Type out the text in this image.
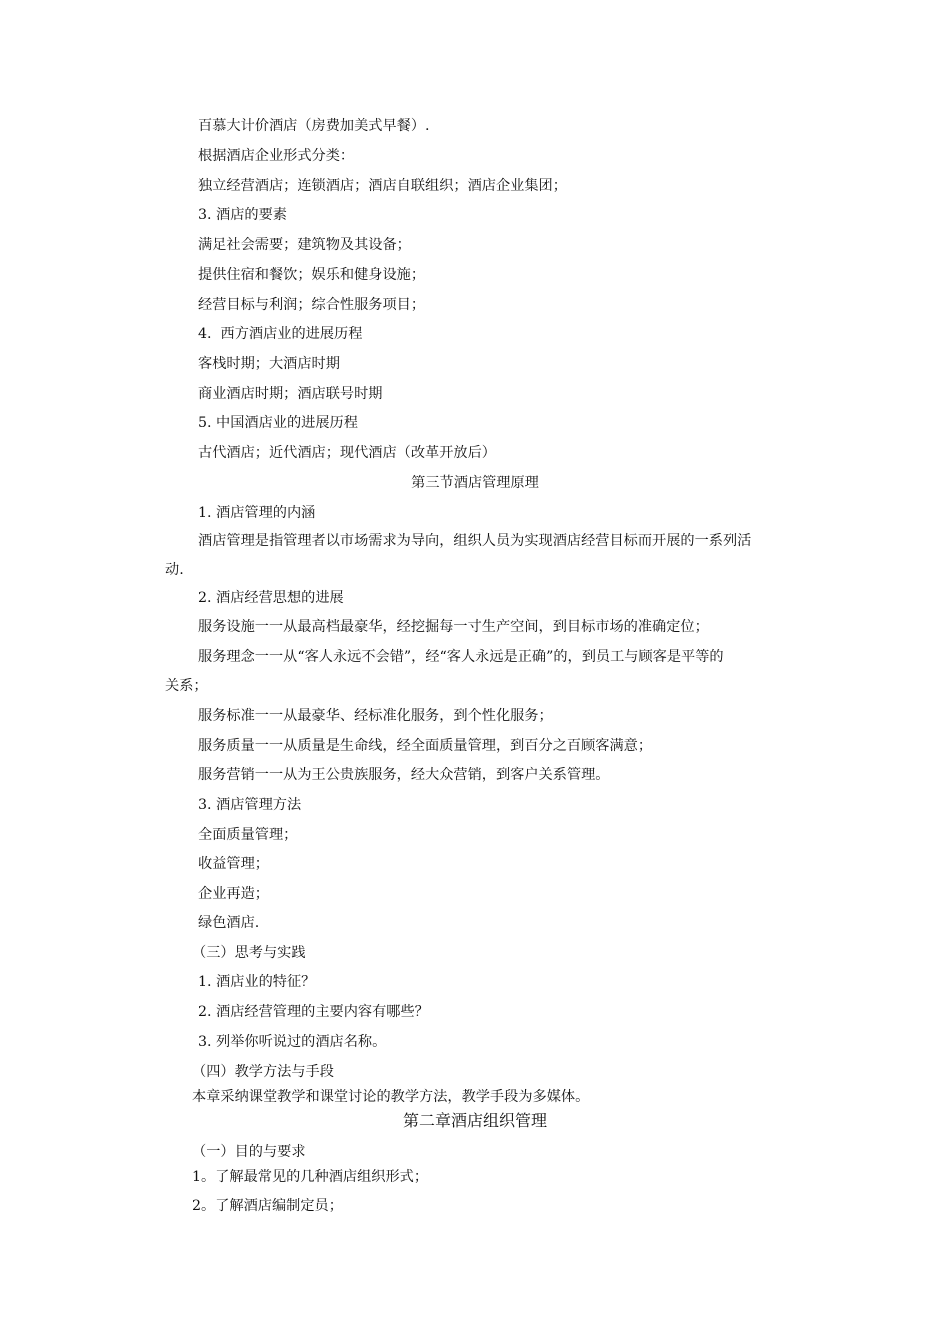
百慕大计价酒店（房费加美式早餐）.
根据酒店企业形式分类：
独立经营酒店；连锁酒店；酒店自联组织；酒店企业集团；
3. 酒店的要素
满足社会需要；建筑物及其设备；
提供住宿和餐饮；娱乐和健身设施；
经营目标与利润；综合性服务项目；
4.  西方酒店业的进展历程
客栈时期；大酒店时期
商业酒店时期；酒店联号时期
5. 中国酒店业的进展历程
古代酒店；近代酒店；现代酒店（改革开放后）
第三节酒店管理原理
1. 酒店管理的内涵
酒店管理是指管理者以市场需求为导向，组织人员为实现酒店经营目标而开展的一系列活
动.
2. 酒店经营思想的进展
服务设施一一从最高档最豪华，经挖掘每一寸生产空间，到目标市场的准确定位；
服务理念一一从“客人永远不会错”，经“客人永远是正确”的，到员工与顾客是平等的
关系；
服务标准一一从最豪华、经标准化服务，到个性化服务；
服务质量一一从质量是生命线，经全面质量管理，到百分之百顾客满意；
服务营销一一从为王公贵族服务，经大众营销，到客户关系管理。
3. 酒店管理方法
全面质量管理；
收益管理；
企业再造；
绿色酒店.
（三）思考与实践
1. 酒店业的特征？
2. 酒店经营管理的主要内容有哪些？
3. 列举你听说过的酒店名称。
（四）教学方法与手段
本章采纳课堂教学和课堂讨论的教学方法，教学手段为多媒体。
第二章酒店组织管理
（一）目的与要求
1。了解最常见的几种酒店组织形式；
2。了解酒店编制定员；
